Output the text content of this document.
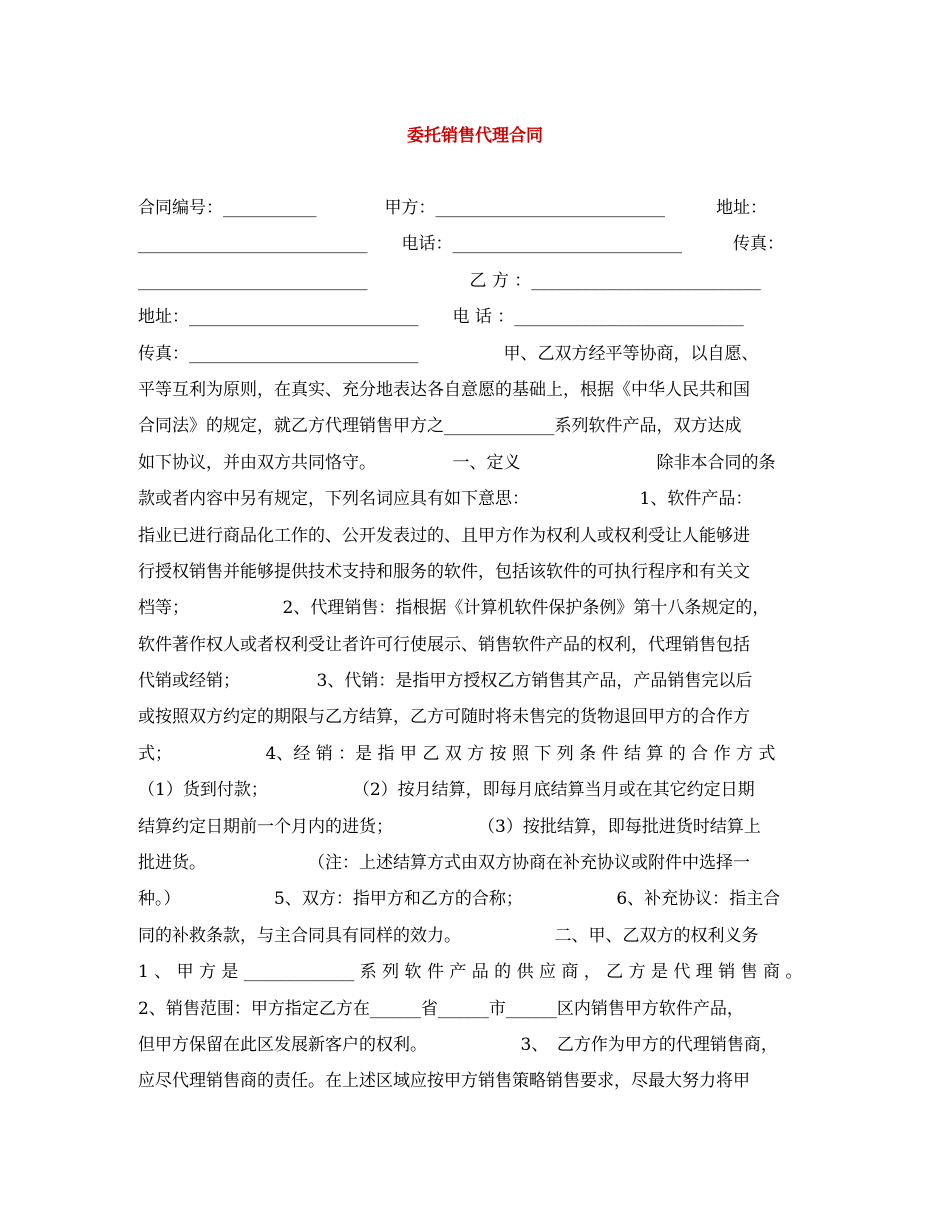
委托销售代理合同
合同编号：___________　　　　甲方：___________________________　　　地址：
___________________________　　电话：___________________________　　　传真：
___________________________　　　　　　乙 方 ：___________________________
地址：___________________________　　电 话 ：___________________________
传真：___________________________　　　　　甲、乙双方经平等协商，以自愿、
平等互利为原则，在真实、充分地表达各自意愿的基础上，根据《中华人民共和国
合同法》的规定，就乙方代理销售甲方之_____________系列软件产品，双方达成
如下协议，并由双方共同恪守。　　　　　一、定义　　　　　　　　除非本合同的条
款或者内容中另有规定，下列名词应具有如下意思：　　　　　　　1、软件产品：
指业已进行商品化工作的、公开发表过的、且甲方作为权利人或权利受让人能够进
行授权销售并能够提供技术支持和服务的软件，包括该软件的可执行程序和有关文
档等；　　　　　　2、代理销售：指根据《计算机软件保护条例》第十八条规定的，
软件著作权人或者权利受让者许可行使展示、销售软件产品的权利，代理销售包括
代销或经销；　　　　　3、代销：是指甲方授权乙方销售其产品，产品销售完以后
或按照双方约定的期限与乙方结算，乙方可随时将未售完的货物退回甲方的合作方
式；　　　　　　4、经 销 ：是 指 甲 乙 双 方 按 照 下 列 条 件 结 算 的 合 作 方 式
（1）货到付款；　　　　　　（2）按月结算，即每月底结算当月或在其它约定日期
结算约定日期前一个月内的进货；　　　　　　（3）按批结算，即每批进货时结算上
批进货。　　　　　　　（注：上述结算方式由双方协商在补充协议或附件中选择一
种。）　　　　　　5、双方：指甲方和乙方的合称；　　　　　　6、补充协议：指主合
同的补救条款，与主合同具有同样的效力。　　　　　　二、甲、乙双方的权利义务
1 、 甲 方 是 _____________ 系 列 软 件 产 品 的 供 应 商 ， 乙 方 是 代 理 销 售 商 。
2、销售范围：甲方指定乙方在______省______市______区内销售甲方软件产品，
但甲方保留在此区发展新客户的权利。　　　　　　3、　乙方作为甲方的代理销售商，
应尽代理销售商的责任。在上述区域应按甲方销售策略销售要求，尽最大努力将甲
